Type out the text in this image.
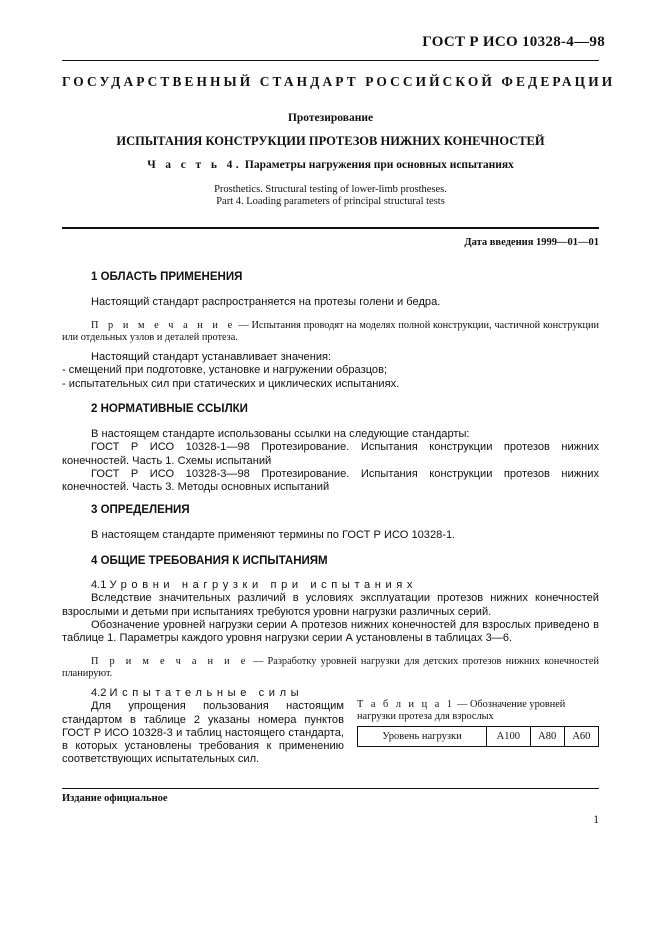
ГОСТ Р ИСО 10328-4—98
ГОСУДАРСТВЕННЫЙ СТАНДАРТ РОССИЙСКОЙ ФЕДЕРАЦИИ
Протезирование
ИСПЫТАНИЯ КОНСТРУКЦИИ ПРОТЕЗОВ НИЖНИХ КОНЕЧНОСТЕЙ
Ч а с т ь 4. Параметры нагружения при основных испытаниях
Prosthetics. Structural testing of lower-limb prostheses.
Part 4. Loading parameters of principal structural tests
Дата введения 1999—01—01
1 ОБЛАСТЬ ПРИМЕНЕНИЯ

Настоящий стандарт распространяется на протезы голени и бедра.

П р и м е ч а н и е — Испытания проводят на моделях полной конструкции, частичной конструкции или отдельных узлов и деталей протеза.

Настоящий стандарт устанавливает значения:

- смещений при подготовке, установке и нагружении образцов;

- испытательных сил при статических и циклических испытаниях.

2 НОРМАТИВНЫЕ ССЫЛКИ

В настоящем стандарте использованы ссылки на следующие стандарты:

ГОСТ Р ИСО 10328-1—98 Протезирование. Испытания конструкции протезов нижних конечностей. Часть 1. Схемы испытаний

ГОСТ Р ИСО 10328-3—98 Протезирование. Испытания конструкции протезов нижних конечностей. Часть 3. Методы основных испытаний

3 ОПРЕДЕЛЕНИЯ

В настоящем стандарте применяют термины по ГОСТ Р ИСО 10328-1.

4 ОБЩИЕ ТРЕБОВАНИЯ К ИСПЫТАНИЯМ

4.1 Уровни нагрузки при испытаниях

Вследствие значительных различий в условиях эксплуатации протезов нижних конечностей взрослыми и детьми при испытаниях требуются уровни нагрузки различных серий.

Обозначение уровней нагрузки серии А протезов нижних конечностей для взрослых приведено в таблице 1. Параметры каждого уровня нагрузки серии А установлены в таблицах 3—6.

П р и м е ч а н и е — Разработку уровней нагрузки для детских протезов нижних конечностей планируют.

4.2 Испытательные силы

Для упрощения пользования настоящим стандартом в таблице 2 указаны номера пунктов ГОСТ Р ИСО 10328-3 и таблиц настоящего стандарта, в которых установлены требования к применению соответствующих испытательных сил.

Т а б л и ц а 1 — Обозначение уровней нагрузки протеза для взрослых
Уровень нагрузки	A100	A80	A60
Издание официальное
1
